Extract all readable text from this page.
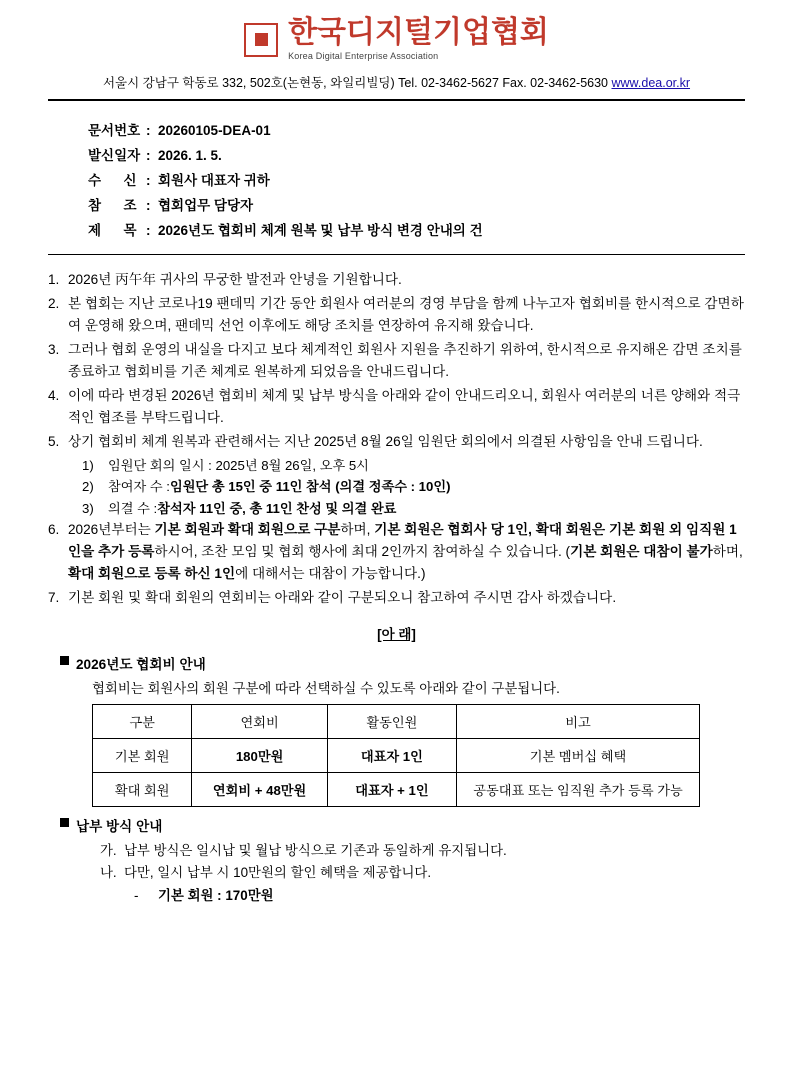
한국디지털기업협회
Korea Digital Enterprise Association
서울시 강남구 학동로 332, 502호(논현동, 와일리빌딩) Tel. 02-3462-5627 Fax. 02-3462-5630 www.dea.or.kr
문서번호 : 20260105-DEA-01
발신일자 : 2026. 1. 5.
수      신 : 회원사 대표자 귀하
참      조 : 협회업무 담당자
제      목 : 2026년도 협회비 체계 원복 및 납부 방식 변경 안내의 건
1. 2026년 丙午年 귀사의 무궁한 발전과 안녕을 기원합니다.
2. 본 협회는 지난 코로나19 팬데믹 기간 동안 회원사 여러분의 경영 부담을 함께 나누고자 협회비를 한시적으로 감면하여 운영해 왔으며, 팬데믹 선언 이후에도 해당 조치를 연장하여 유지해 왔습니다.
3. 그러나 협회 운영의 내실을 다지고 보다 체계적인 회원사 지원을 추진하기 위하여, 한시적으로 유지해온 감면 조치를 종료하고 협회비를 기존 체계로 원복하게 되었음을 안내드립니다.
4. 이에 따라 변경된 2026년 협회비 체계 및 납부 방식을 아래와 같이 안내드리오니, 회원사 여러분의 너른 양해와 적극적인 협조를 부탁드립니다.
5. 상기 협회비 체계 원복과 관련해서는 지난 2025년 8월 26일 임원단 회의에서 의결된 사항임을 안내 드립니다.
1)	임원단 회의 일시 : 2025년 8월 26일, 오후 5시
2)	참여자 수 : 임원단 총 15인 중 11인 참석 (의결 정족수 : 10인)
3)	의결 수 : 참석자 11인 중, 총 11인 찬성 및 의결 완료
6. 2026년부터는 기본 회원과 확대 회원으로 구분하며, 기본 회원은 협회사 당 1인, 확대 회원은 기본 회원 외 임직원 1인을 추가 등록하시어, 조찬 모임 및 협회 행사에 최대 2인까지 참여하실 수 있습니다. (기본 회원은 대참이 불가하며, 확대 회원으로 등록 하신 1인에 대해서는 대참이 가능합니다.)
7. 기본 회원 및 확대 회원의 연회비는 아래와 같이 구분되오니 참고하여 주시면 감사 하겠습니다.
[아 래]
2026년도 협회비 안내
협회비는 회원사의 회원 구분에 따라 선택하실 수 있도록 아래와 같이 구분됩니다.
구분	연회비	활동인원	비고
기본 회원	180만원	대표자 1인	기본 멤버십 혜택
확대 회원	연회비 + 48만원	대표자 + 1인	공동대표 또는 임직원 추가 등록 가능
납부 방식 안내
가. 납부 방식은 일시납 및 월납 방식으로 기존과 동일하게 유지됩니다.
나. 다만, 일시 납부 시 10만원의 할인 혜택을 제공합니다.
-	기본 회원 : 170만원
